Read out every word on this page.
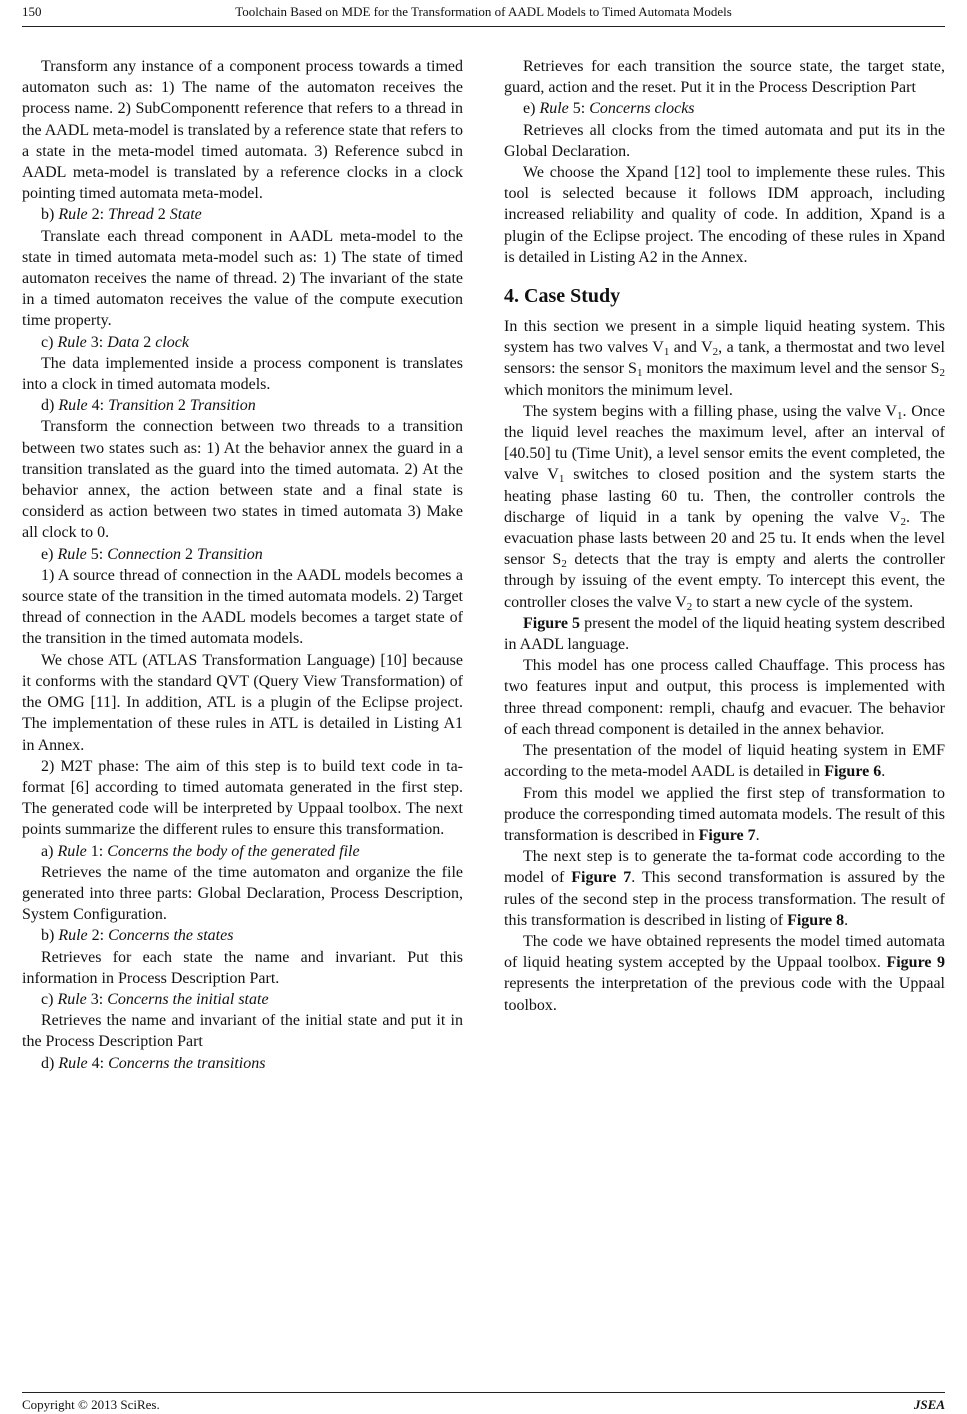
150	Toolchain Based on MDE for the Transformation of AADL Models to Timed Automata Models

Transform any instance of a component process towards a timed automaton such as: 1) The name of the automaton receives the process name. 2) SubComponentt reference that refers to a thread in the AADL meta-model is translated by a reference state that refers to a state in the meta-model timed automata. 3) Reference subcd in AADL meta-model is translated by a reference clocks in a clock pointing timed automata meta-model.

b) Rule 2: Thread 2 State

Translate each thread component in AADL meta-model to the state in timed automata meta-model such as: 1) The state of timed automaton receives the name of thread. 2) The invariant of the state in a timed automaton receives the value of the compute execution time property.

c) Rule 3: Data 2 clock

The data implemented inside a process component is translates into a clock in timed automata models.

d) Rule 4: Transition 2 Transition

Transform the connection between two threads to a transition between two states such as: 1) At the behavior annex the guard in a transition translated as the guard into the timed automata. 2) At the behavior annex, the action between state and a final state is considerd as action between two states in timed automata 3) Make all clock to 0.

e) Rule 5: Connection 2 Transition

1) A source thread of connection in the AADL models becomes a source state of the transition in the timed automata models. 2) Target thread of connection in the AADL models becomes a target state of the transition in the timed automata models.

We chose ATL (ATLAS Transformation Language) [10] because it conforms with the standard QVT (Query View Transformation) of the OMG [11]. In addition, ATL is a plugin of the Eclipse project. The implementation of these rules in ATL is detailed in Listing A1 in Annex.

2) M2T phase: The aim of this step is to build text code in ta-format [6] according to timed automata generated in the first step. The generated code will be interpreted by Uppaal toolbox. The next points summarize the different rules to ensure this transformation.

a) Rule 1: Concerns the body of the generated file

Retrieves the name of the time automaton and organize the file generated into three parts: Global Declaration, Process Description, System Configuration.

b) Rule 2: Concerns the states

Retrieves for each state the name and invariant. Put this information in Process Description Part.

c) Rule 3: Concerns the initial state

Retrieves the name and invariant of the initial state and put it in the Process Description Part

d) Rule 4: Concerns the transitions

Retrieves for each transition the source state, the target state, guard, action and the reset. Put it in the Process Description Part

e) Rule 5: Concerns clocks

Retrieves all clocks from the timed automata and put its in the Global Declaration.

We choose the Xpand [12] tool to implemente these rules. This tool is selected because it follows IDM approach, including increased reliability and quality of code. In addition, Xpand is a plugin of the Eclipse project. The encoding of these rules in Xpand is detailed in Listing A2 in the Annex.

4. Case Study

In this section we present in a simple liquid heating system. This system has two valves $V_1$ and $V_2$, a tank, a thermostat and two level sensors: the sensor $S_1$ monitors the maximum level and the sensor $S_2$ which monitors the minimum level.

The system begins with a filling phase, using the valve $V_1$. Once the liquid level reaches the maximum level, after an interval of [40.50] tu (Time Unit), a level sensor emits the event completed, the valve $V_1$ switches to closed position and the system starts the heating phase lasting 60 tu. Then, the controller controls the discharge of liquid in a tank by opening the valve $V_2$. The evacuation phase lasts between 20 and 25 tu. It ends when the level sensor $S_2$ detects that the tray is empty and alerts the controller through by issuing of the event empty. To intercept this event, the controller closes the valve $V_2$ to start a new cycle of the system.

Figure 5 present the model of the liquid heating system described in AADL language.

This model has one process called Chauffage. This process has two features input and output, this process is implemented with three thread component: rempli, chaufg and evacuer. The behavior of each thread component is detailed in the annex behavior.

The presentation of the model of liquid heating system in EMF according to the meta-model AADL is detailed in Figure 6.

From this model we applied the first step of transformation to produce the corresponding timed automata models. The result of this transformation is described in Figure 7.

The next step is to generate the ta-format code according to the model of Figure 7. This second transformation is assured by the rules of the second step in the process transformation. The result of this transformation is described in listing of Figure 8.

The code we have obtained represents the model timed automata of liquid heating system accepted by the Uppaal toolbox. Figure 9 represents the interpretation of the previous code with the Uppaal toolbox.

Copyright © 2013 SciRes.	JSEA
